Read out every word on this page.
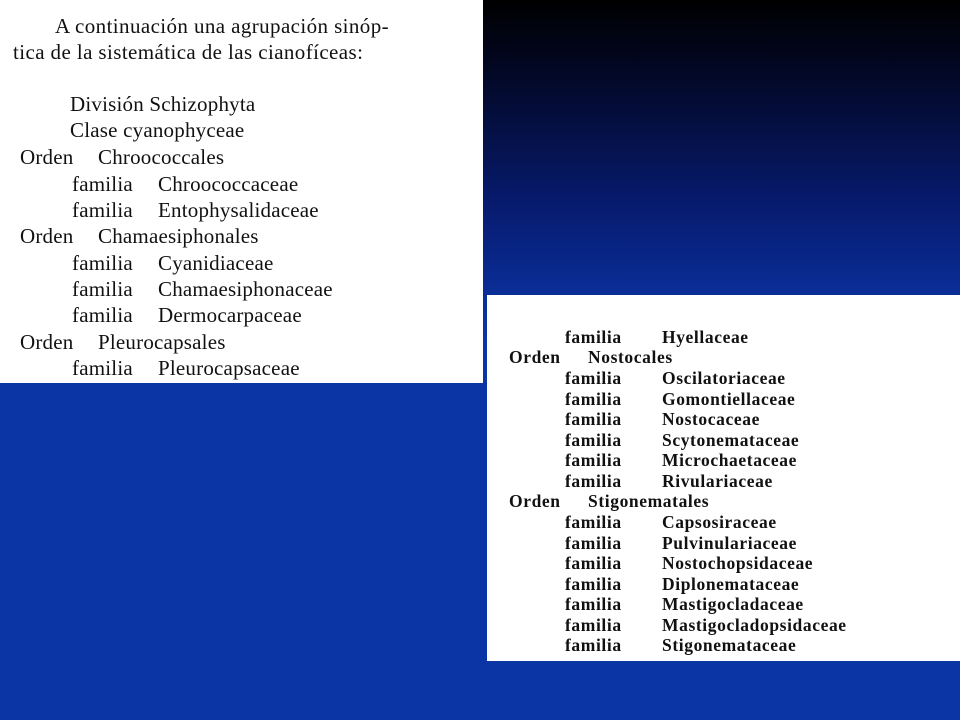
A continuación una agrupación sinóp-
tica de la sistemática de las cianofíceas:
División Schizophyta
Clase cyanophyceae
Orden Chroococcales
familia Chroococcaceae
familia Entophysalidaceae
Orden Chamaesiphonales
familia Cyanidiaceae
familia Chamaesiphonaceae
familia Dermocarpaceae
Orden Pleurocapsales
familia Pleurocapsaceae
familia Hyellaceae
Orden Nostocales
familia Oscilatoriaceae
familia Gomontiellaceae
familia Nostocaceae
familia Scytonemataceae
familia Microchaetaceae
familia Rivulariaceae
Orden Stigonematales
familia Capsosiraceae
familia Pulvinulariaceae
familia Nostochopsidaceae
familia Diplonemataceae
familia Mastigocladaceae
familia Mastigocladopsidaceae
familia Stigonemataceae
